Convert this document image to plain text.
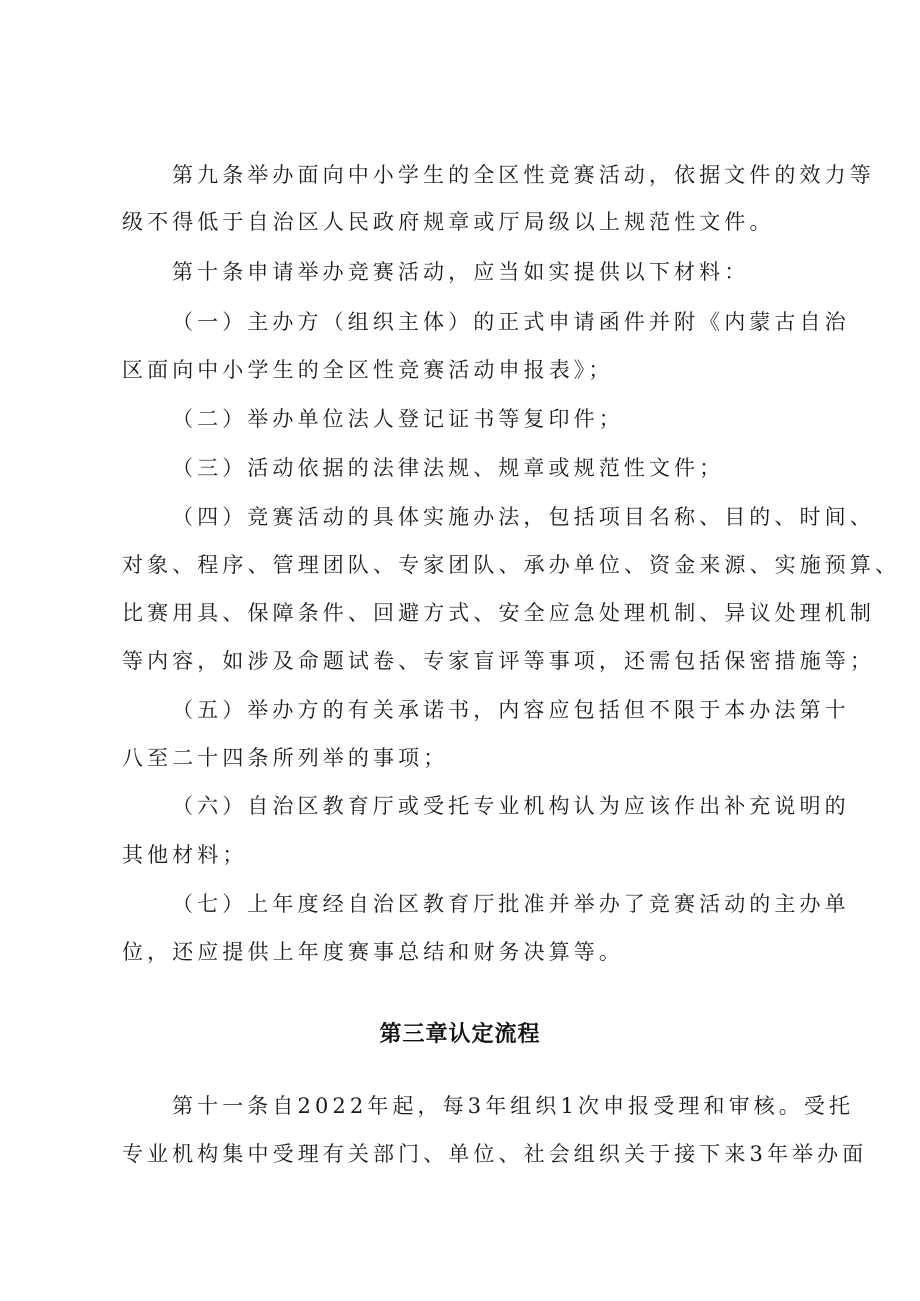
第九条举办面向中小学生的全区性竞赛活动，依据文件的效力等
级不得低于自治区人民政府规章或厅局级以上规范性文件。
第十条申请举办竞赛活动，应当如实提供以下材料：
（一）主办方（组织主体）的正式申请函件并附《内蒙古自治
区面向中小学生的全区性竞赛活动申报表》；
（二）举办单位法人登记证书等复印件；
（三）活动依据的法律法规、规章或规范性文件；
（四）竞赛活动的具体实施办法，包括项目名称、目的、时间、
对象、程序、管理团队、专家团队、承办单位、资金来源、实施预算、
比赛用具、保障条件、回避方式、安全应急处理机制、异议处理机制
等内容，如涉及命题试卷、专家盲评等事项，还需包括保密措施等；
（五）举办方的有关承诺书，内容应包括但不限于本办法第十
八至二十四条所列举的事项；
（六）自治区教育厅或受托专业机构认为应该作出补充说明的
其他材料；
（七）上年度经自治区教育厅批准并举办了竞赛活动的主办单
位，还应提供上年度赛事总结和财务决算等。
第三章认定流程
第十一条自2022年起，每3年组织1次申报受理和审核。受托
专业机构集中受理有关部门、单位、社会组织关于接下来3年举办面
